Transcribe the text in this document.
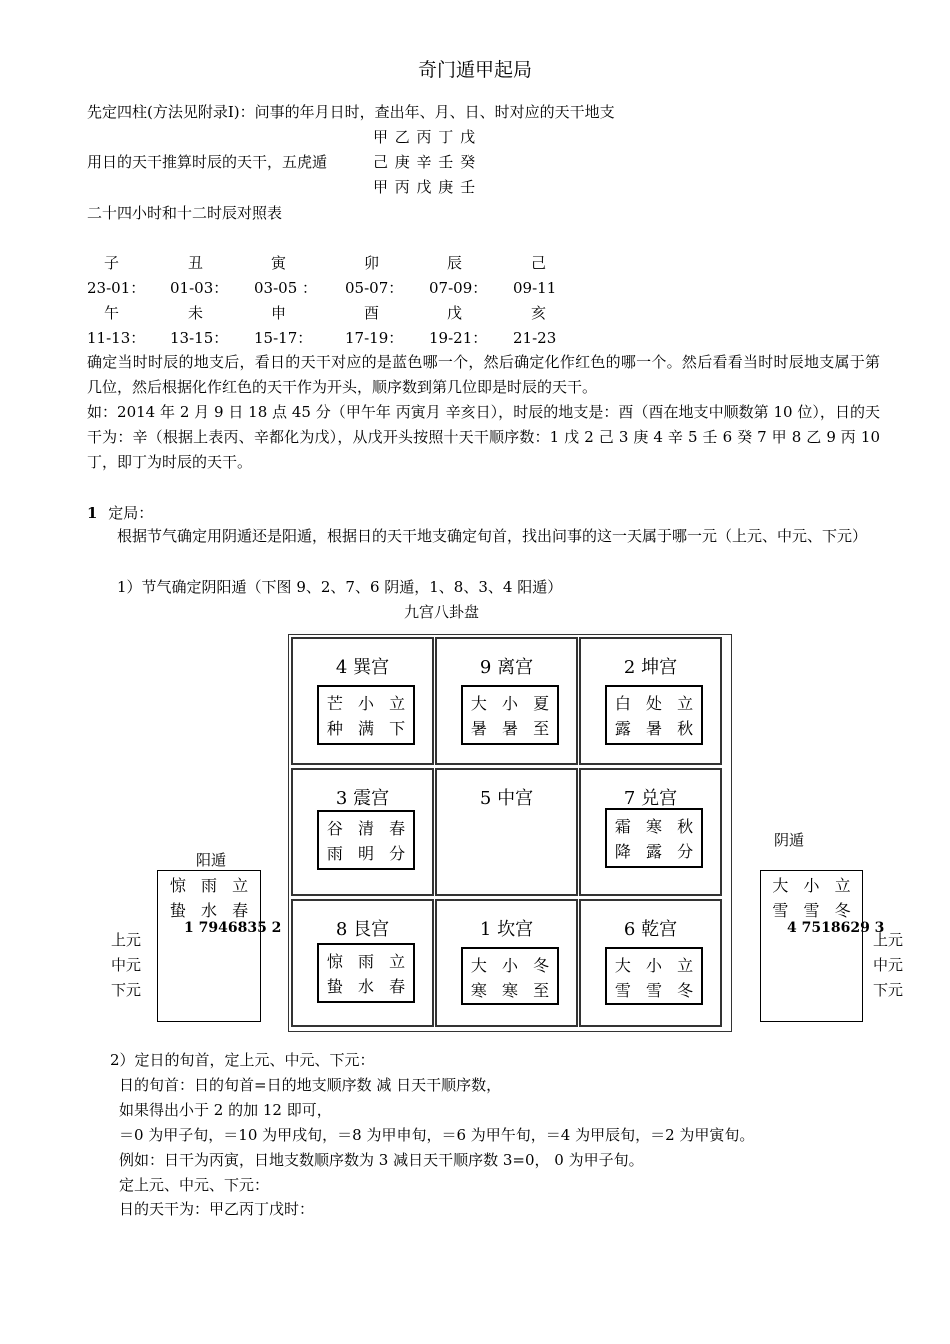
奇门遁甲起局
先定四柱(方法见附录Ⅰ)：问事的年月日时，查出年、月、日、时对应的天干地支
甲 乙 丙 丁 戊
用日的天干推算时辰的天干，五虎遁	己 庚 辛 壬 癸
甲 丙 戊 庚 壬
二十四小时和十二时辰对照表
子	丑	寅	卯	辰	己
23-01： 01-03： 03-05 ： 05-07： 07-09： 09-11
午	未	申	酉	戊	亥
11-13： 13-15： 15-17： 17-19： 19-21： 21-23
确定当时时辰的地支后，看日的天干对应的是蓝色哪一个，然后确定化作红色的哪一个。然后看看当时时辰地支属于第几位，然后根据化作红色的天干作为开头，顺序数到第几位即是时辰的天干。
如：2014 年 2 月 9 日 18 点 45 分（甲午年 丙寅月 辛亥日），时辰的地支是：酉（酉在地支中顺数第 10 位），日的天干为：辛（根据上表丙、辛都化为戊），从戊开头按照十天干顺序数：1 戊 2 己 3 庚 4 辛 5 壬 6 癸 7 甲 8 乙 9 丙 10 丁，即丁为时辰的天干。
1 定局：
根据节气确定用阴遁还是阳遁，根据日的天干地支确定旬首，找出问事的这一天属于哪一元（上元、中元、下元）
1）节气确定阴阳遁（下图 9、2、7、6 阴遁，1、8、3、4 阳遁）
九宫八卦盘
4 巽宫
芒 小 立
种 满 下
9 离宫
大 小 夏
暑 暑 至
2 坤宫
白 处 立
露 暑 秋
3 震宫
谷 清 春
雨 明 分
5 中宫	7 兑宫
霜 寒 秋
降 露 分
8 艮宫
惊 雨 立
蛰 水 春
1 坎宫
大 小 冬
寒 寒 至
6 乾宫
大 小 立
雪 雪 冬
阳遁
惊 雨 立
蛰 水 春
1 7946835 2
上元
中元
下元
阴遁
大 小 立
雪 雪 冬
4 7518629 3
上元
中元
下元
2）定日的旬首，定上元、中元、下元：
日的旬首：日的旬首=日的地支顺序数 减 日天干顺序数，
如果得出小于 2 的加 12 即可，
＝0 为甲子旬，＝10 为甲戌旬，＝8 为甲申旬，＝6 为甲午旬，＝4 为甲辰旬，＝2 为甲寅旬。
例如：日干为丙寅，日地支数顺序数为 3 减日天干顺序数 3=0， 0 为甲子旬。
定上元、中元、下元：
日的天干为：甲乙丙丁戊时：
